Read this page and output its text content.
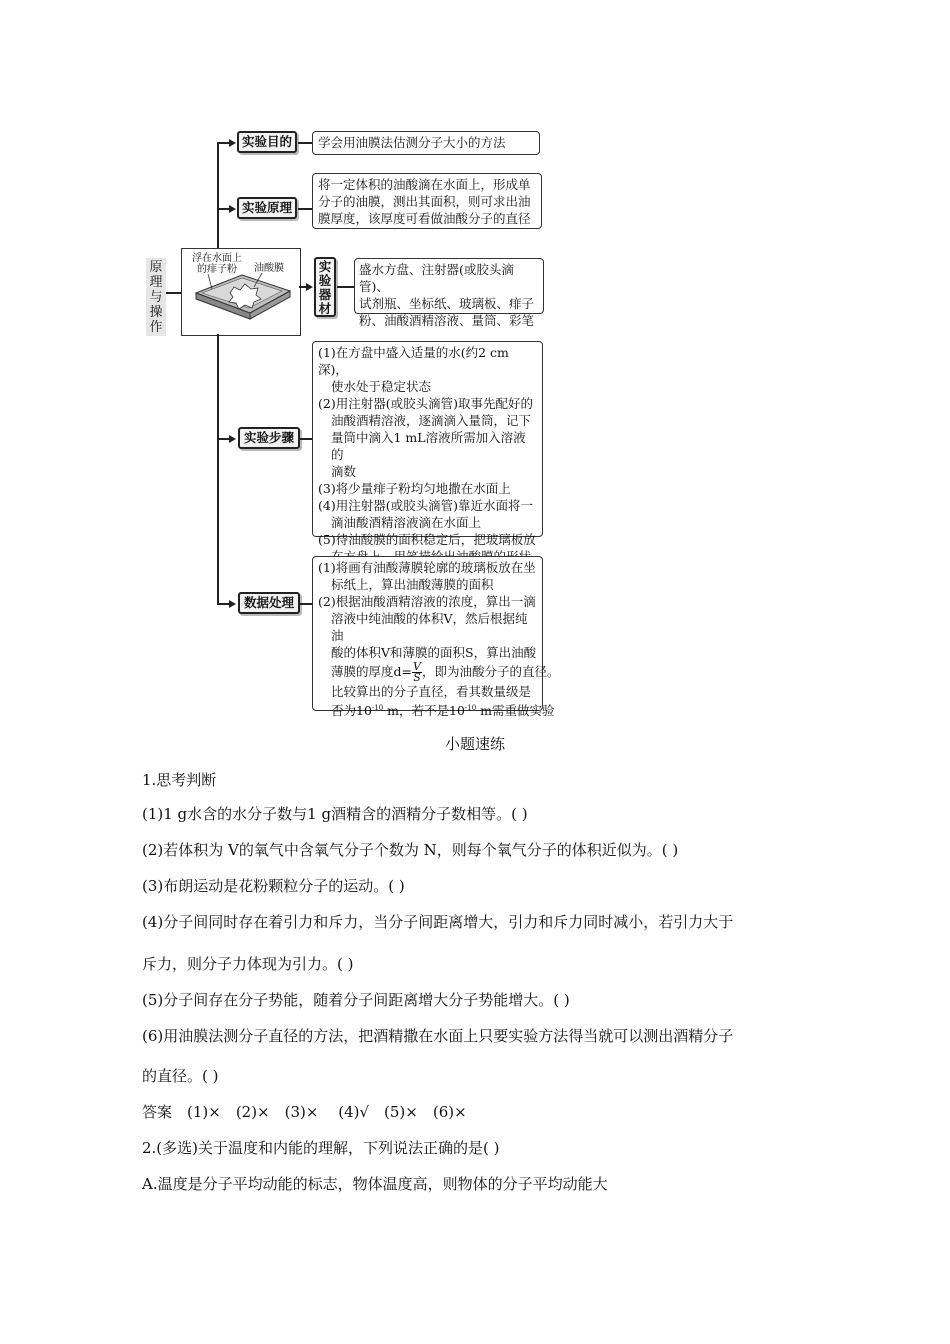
原
理
与
操
作
浮在水面上
的痱子粉	油酸膜
实验目的	学会用油膜法估测分子大小的方法
实验原理
将一定体积的油酸滴在水面上，形成单
分子的油膜，测出其面积，则可求出油
膜厚度，该厚度可看做油酸分子的直径
实
验
器
材
盛水方盘、注射器(或胶头滴管)、
试剂瓶、坐标纸、玻璃板、痱子
粉、油酸酒精溶液、量筒、彩笔
实验步骤
(1)在方盘中盛入适量的水(约2 cm深)，
使水处于稳定状态
(2)用注射器(或胶头滴管)取事先配好的
油酸酒精溶液，逐滴滴入量筒，记下
量筒中滴入1 mL溶液所需加入溶液的
滴数
(3)将少量痱子粉均匀地撒在水面上
(4)用注射器(或胶头滴管)靠近水面将一
滴油酸酒精溶液滴在水面上
(5)待油酸膜的面积稳定后，把玻璃板放
数据处理
(1)将画有油酸薄膜轮廓的玻璃板放在坐
标纸上，算出油酸薄膜的面积
(2)根据油酸酒精溶液的浓度，算出一滴
溶液中纯油酸的体积V，然后根据纯油
酸的体积V和薄膜的面积S，算出油酸
薄膜的厚度$d= \frac{V}{S}$ ，即为油酸分子的直径。
比较算出的分子直径，看其数量级是
否为$10^{-10}$ m，若不是$10^{-10}$ m需重做实验
小题速练
1.思考判断
(1)1 g水含的水分子数与1 g酒精含的酒精分子数相等。( )
(2)若体积为 V的氧气中含氧气分子个数为 N，则每个氧气分子的体积近似为。( )
(3)布朗运动是花粉颗粒分子的运动。( )
(4)分子间同时存在着引力和斥力，当分子间距离增大，引力和斥力同时减小，若引力大于
斥力，则分子力体现为引力。( )
(5)分子间存在分子势能，随着分子间距离增大分子势能增大。( )
(6)用油膜法测分子直径的方法，把酒精撒在水面上只要实验方法得当就可以测出酒精分子
的直径。( )
答案　(1)×　(2)×　(3)×　 (4)√　(5)×　(6)×
2.(多选)关于温度和内能的理解，下列说法正确的是( )
A.温度是分子平均动能的标志，物体温度高，则物体的分子平均动能大
